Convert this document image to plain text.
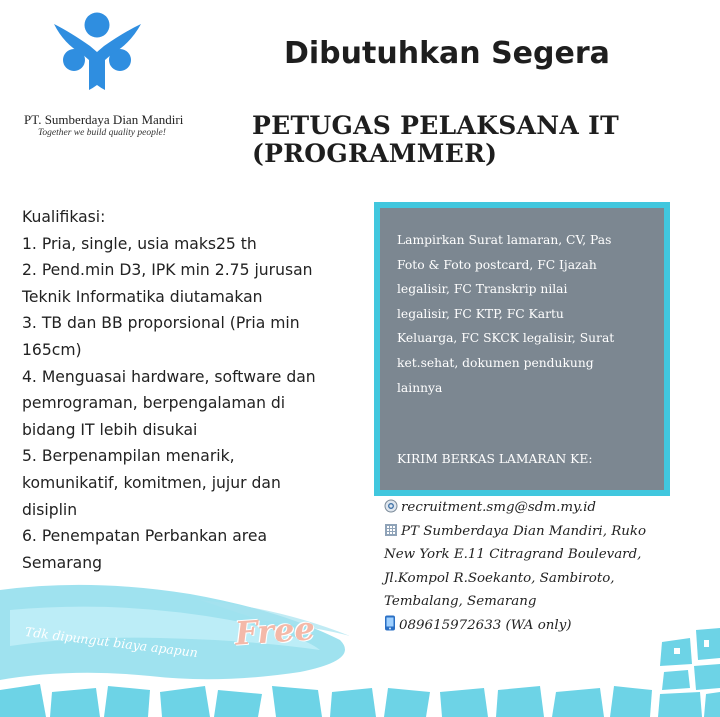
PT. Sumberdaya Dian Mandiri
Together we build quality people!
Dibutuhkan Segera
PETUGAS PELAKSANA IT
(PROGRAMMER)
Kualifikasi:
1. Pria, single, usia maks25 th
2. Pend.min D3, IPK min 2.75 jurusan
Teknik Informatika diutamakan
3. TB dan BB proporsional (Pria min
165cm)
4. Menguasai hardware, software dan
pemrograman, berpengalaman di
bidang IT lebih disukai
5. Berpenampilan menarik,
komunikatif, komitmen, jujur dan
disiplin
6. Penempatan Perbankan area
Semarang
Lampirkan Surat lamaran, CV, Pas
Foto & Foto postcard, FC Ijazah
legalisir, FC Transkrip nilai
legalisir, FC KTP, FC Kartu
Keluarga, FC SKCK legalisir, Surat
ket.sehat, dokumen pendukung
lainnya
KIRIM BERKAS LAMARAN KE:
recruitment.smg@sdm.my.id
PT Sumberdaya Dian Mandiri, Ruko
New York E.11 Citragrand Boulevard,
Jl.Kompol R.Soekanto, Sambiroto,
Tembalang, Semarang
089615972633 (WA only)
Free
Tdk dipungut biaya apapun
